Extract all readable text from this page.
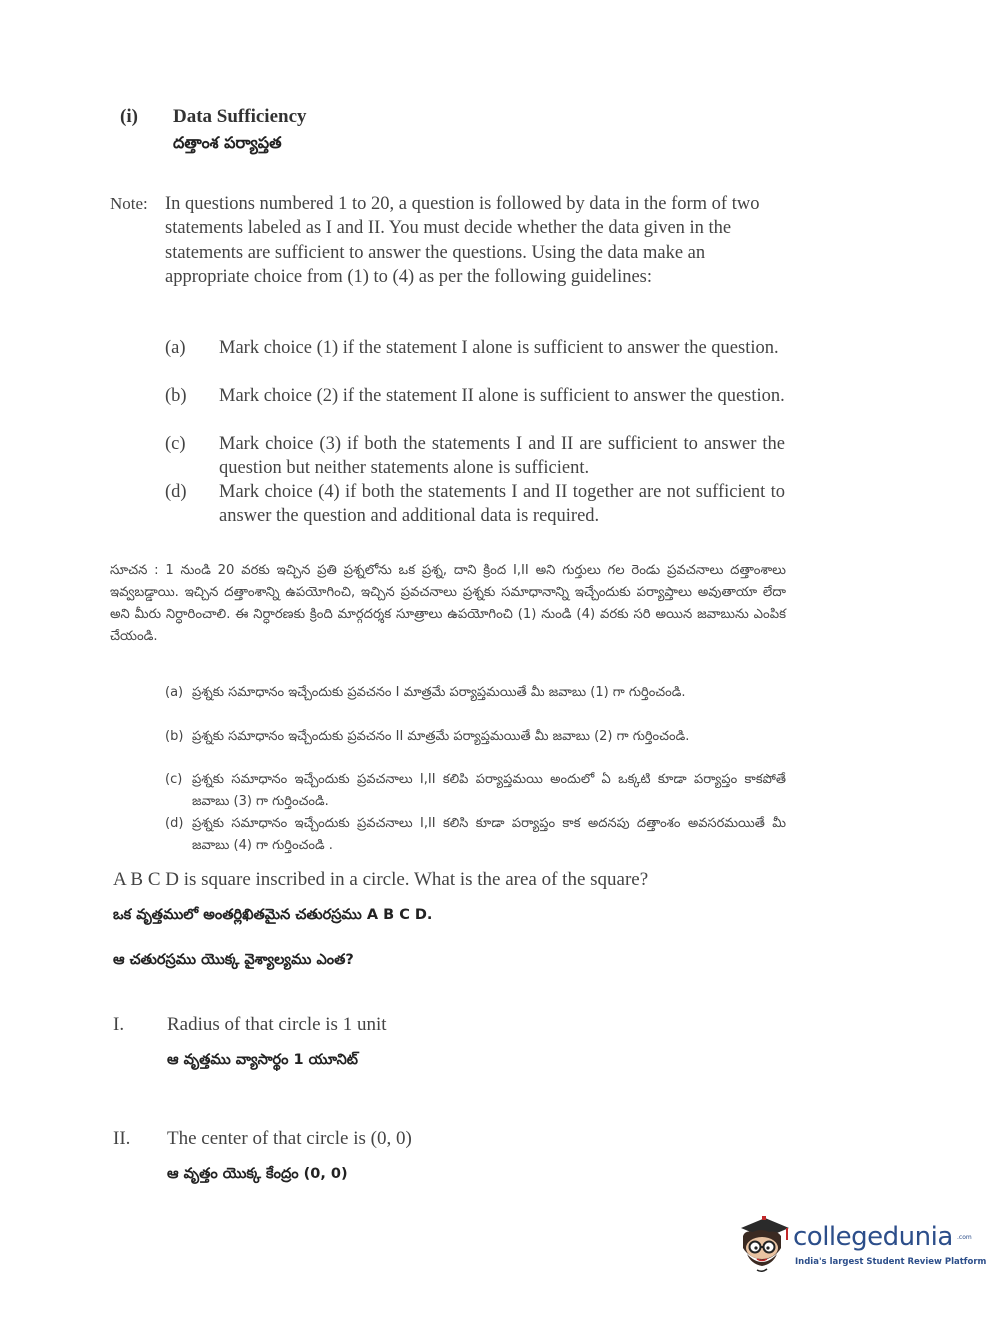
(i) Data Sufficiency
దత్తాంశ పర్యాప్తత
Note: In questions numbered 1 to 20, a question is followed by data in the form of two statements labeled as I and II. You must decide whether the data given in the statements are sufficient to answer the questions. Using the data make an appropriate choice from (1) to (4) as per the following guidelines:
(a) Mark choice (1) if the statement I alone is sufficient to answer the question.
(b) Mark choice (2) if the statement II alone is sufficient to answer the question.
(c) Mark choice (3) if both the statements I and II are sufficient to answer the question but neither statements alone is sufficient.
(d) Mark choice (4) if both the statements I and II together are not sufficient to answer the question and additional data is required.
సూచన : 1 నుండి 20 వరకు ఇచ్చిన ప్రతి ప్రశ్నలోను ఒక ప్రశ్న, దాని క్రింద I,II అని గుర్తులు గల రెండు ప్రవచనాలు దత్తాంశాలు ఇవ్వబడ్డాయి. ఇచ్చిన దత్తాంశాన్ని ఉపయోగించి, ఇచ్చిన ప్రవచనాలు ప్రశ్నకు సమాధానాన్ని ఇచ్చేందుకు పర్యాప్తాలు అవుతాయా లేదా అని మీరు నిర్ధారించాలి. ఈ నిర్ధారణకు క్రింది మార్గదర్శక సూత్రాలు ఉపయోగించి (1) నుండి (4) వరకు సరి అయిన జవాబును ఎంపిక చేయండి.
(a) ప్రశ్నకు సమాధానం ఇచ్చేందుకు ప్రవచనం I మాత్రమే పర్యాప్తమయితే మీ జవాబు (1) గా గుర్తించండి.
(b) ప్రశ్నకు సమాధానం ఇచ్చేందుకు ప్రవచనం II మాత్రమే పర్యాప్తమయితే మీ జవాబు (2) గా గుర్తించండి.
(c) ప్రశ్నకు సమాధానం ఇచ్చేందుకు ప్రవచనాలు I,II కలిపి పర్యాప్తమయి అందులో ఏ ఒక్కటి కూడా పర్యాప్తం కాకపోతే జవాబు (3) గా గుర్తించండి.
(d) ప్రశ్నకు సమాధానం ఇచ్చేందుకు ప్రవచనాలు I,II కలిసి కూడా పర్యాప్తం కాక అదనపు దత్తాంశం అవసరమయితే మీ జవాబు (4) గా గుర్తించండి .
A B C D is square inscribed in a circle. What is the area of the square?
ఒక వృత్తములో అంతర్లిఖితమైన చతురస్రము A B C D.
ఆ చతురస్రము యొక్క వైశ్యాల్యము ఎంత?
I. Radius of that circle is 1 unit
ఆ వృత్తము వ్యాసార్థం 1 యూనిట్
II. The center of that circle is (0, 0)
ఆ వృత్తం యొక్క కేంద్రం (0, 0)
collegedunia .com
India's largest Student Review Platform
